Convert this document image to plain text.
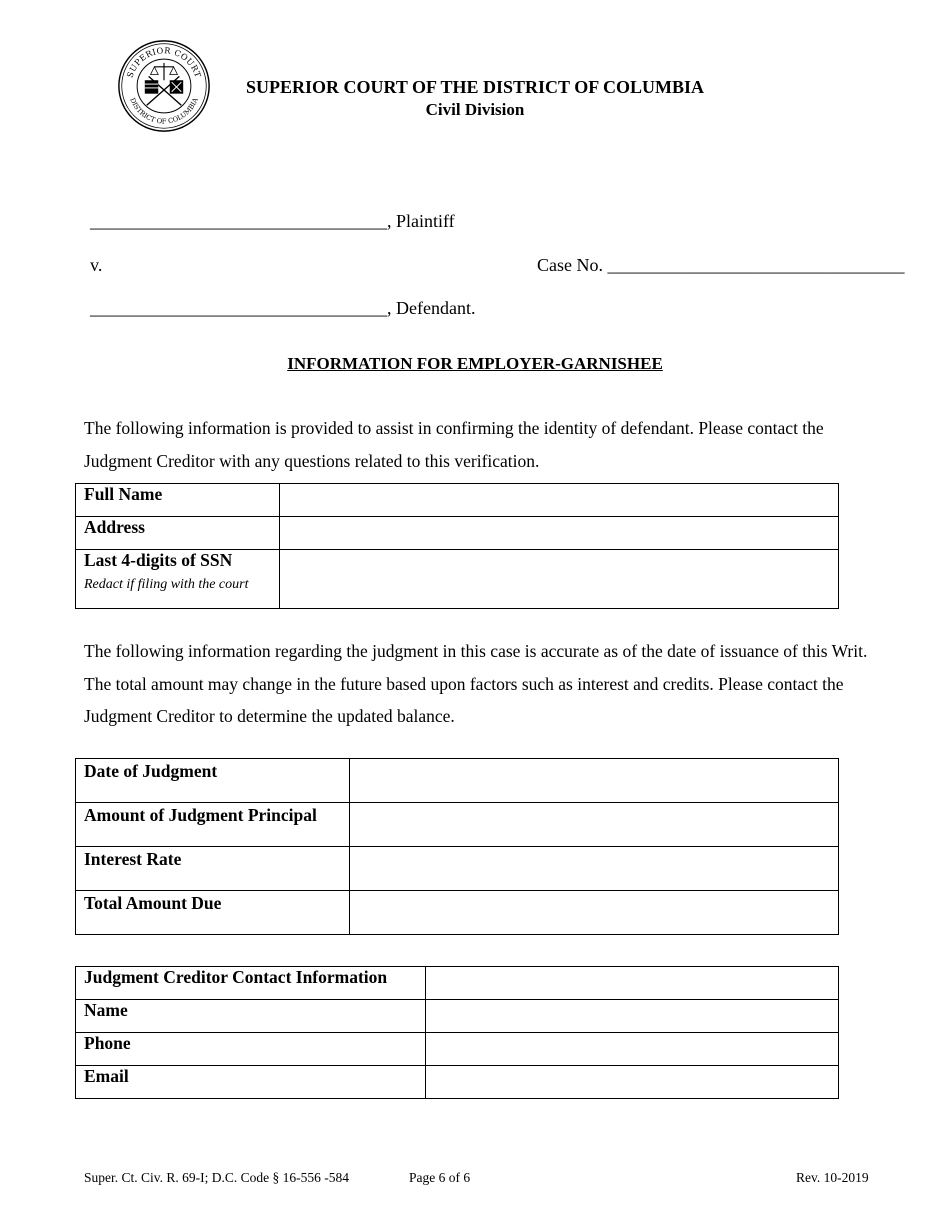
SUPERIOR COURT
DISTRICT OF COLUMBIA
SUPERIOR COURT OF THE DISTRICT OF COLUMBIA
Civil Division
_________________________________, Plaintiff
v.	Case No. _________________________________
_________________________________, Defendant.
INFORMATION FOR EMPLOYER-GARNISHEE
The following information is provided to assist in confirming the identity of defendant. Please contact the Judgment Creditor with any questions related to this verification.
Full Name	
Address	
Last 4-digits of SSN
Redact if filing with the court	

The following information regarding the judgment in this case is accurate as of the date of issuance of this Writ. The total amount may change in the future based upon factors such as interest and credits. Please contact the Judgment Creditor to determine the updated balance.
Date of Judgment	
Amount of Judgment Principal	
Interest Rate	
Total Amount Due	
Judgment Creditor Contact Information	
Name	
Phone	
Email	
Super. Ct. Civ. R. 69-I; D.C. Code § 16-556 -584	Page 6 of 6	Rev. 10-2019
